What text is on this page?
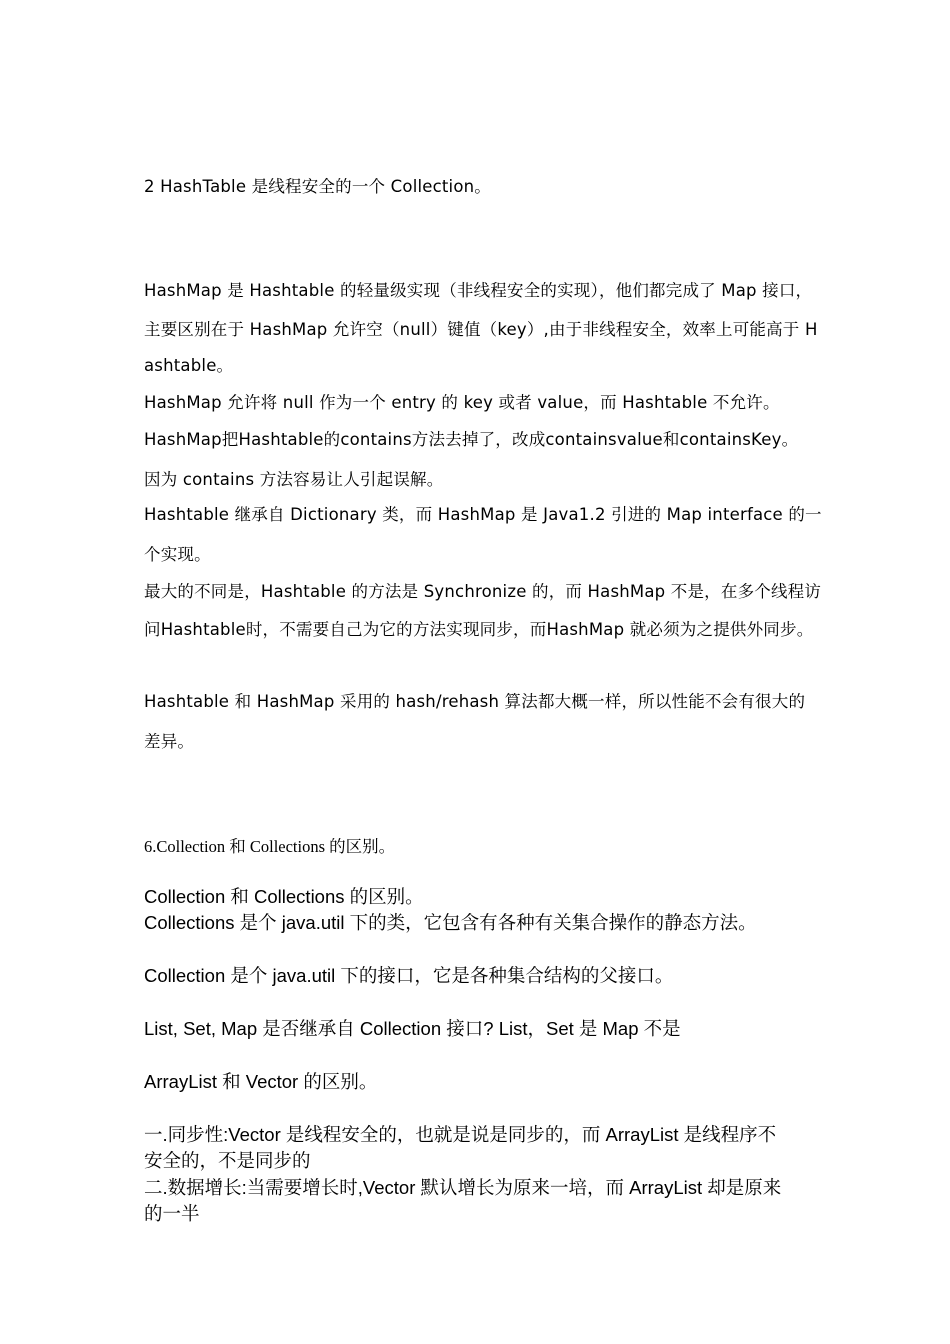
2 HashTable 是线程安全的一个 Collection。
HashMap 是 Hashtable 的轻量级实现（非线程安全的实现），他们都完成了 Map 接口，
主要区别在于 HashMap 允许空（null）键值（key）,由于非线程安全，效率上可能高于 H
ashtable。
HashMap 允许将 null 作为一个 entry 的 key 或者 value，而 Hashtable 不允许。
HashMap把Hashtable的contains方法去掉了，改成containsvalue和containsKey。
因为 contains 方法容易让人引起误解。
Hashtable 继承自 Dictionary 类，而 HashMap 是 Java1.2 引进的 Map interface 的一
个实现。
最大的不同是，Hashtable 的方法是 Synchronize 的，而 HashMap 不是，在多个线程访
问Hashtable时，不需要自己为它的方法实现同步，而HashMap 就必须为之提供外同步。
Hashtable 和 HashMap 采用的 hash/rehash 算法都大概一样，所以性能不会有很大的
差异。
6.Collection 和 Collections 的区别。
Collection 和 Collections 的区别。
Collections 是个 java.util 下的类，它包含有各种有关集合操作的静态方法。
Collection 是个 java.util 下的接口，它是各种集合结构的父接口。
List, Set, Map 是否继承自 Collection 接口? List，Set 是 Map 不是
ArrayList 和 Vector 的区别。
一.同步性:Vector 是线程安全的，也就是说是同步的，而 ArrayList 是线程序不
安全的，不是同步的
二.数据增长:当需要增长时,Vector 默认增长为原来一培，而 ArrayList 却是原来
的一半
